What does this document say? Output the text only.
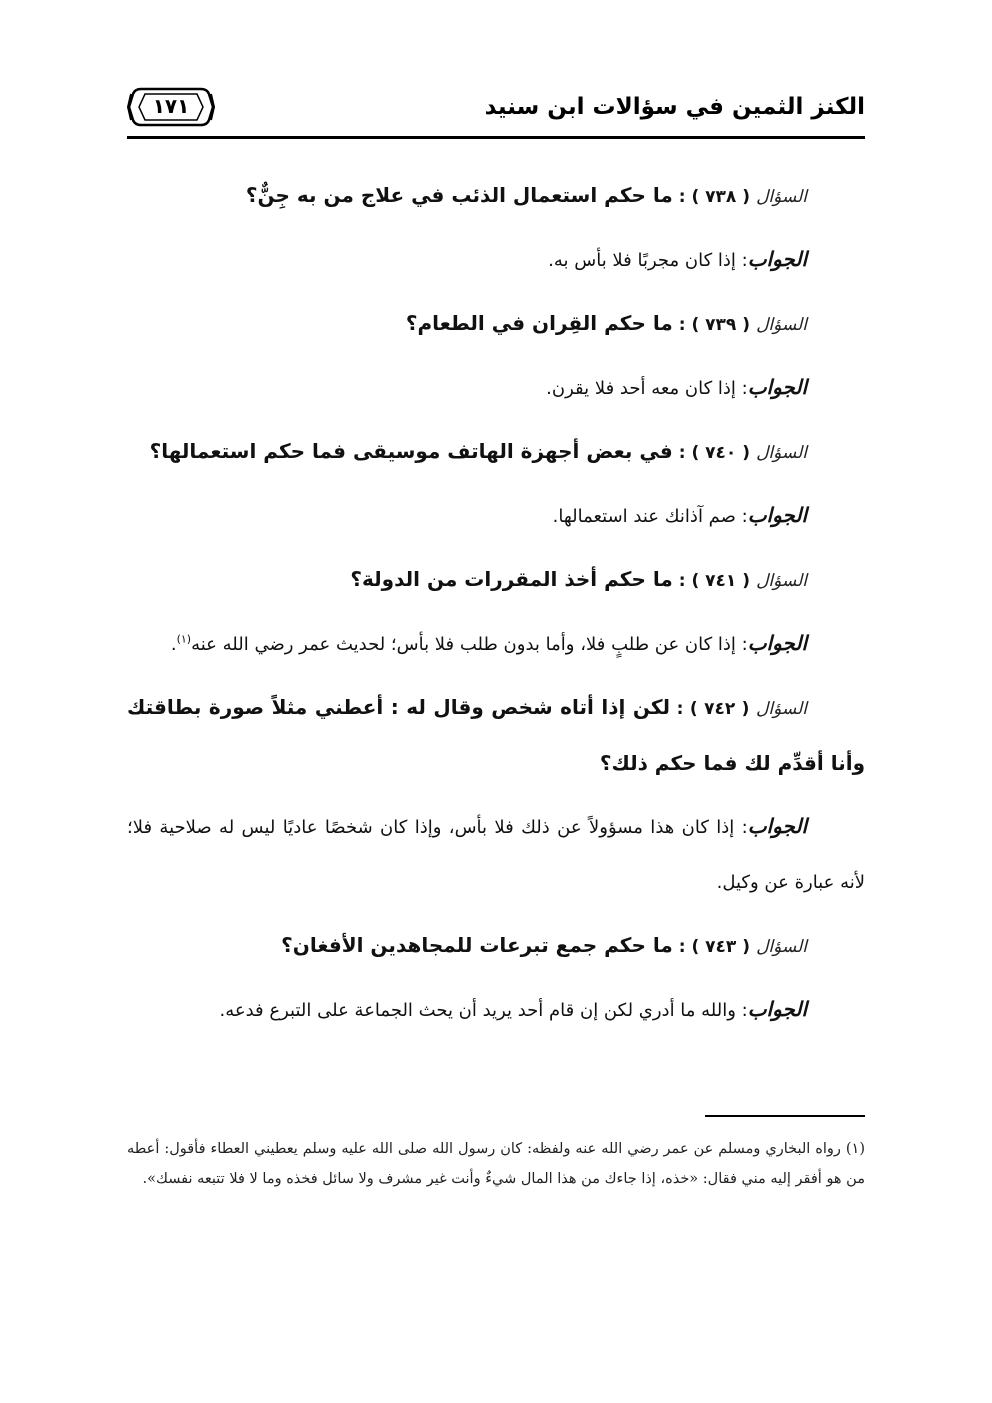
الكنز الثمين في سؤالات ابن سنيد
١٧١
السؤال ( ٧٣٨ ) : ما حكم استعمال الذئب في علاج من به جِنٌّ؟
الجواب: إذا كان مجربًا فلا بأس به.
السؤال ( ٧٣٩ ) : ما حكم القِران في الطعام؟
الجواب: إذا كان معه أحد فلا يقرن.
السؤال ( ٧٤٠ ) : في بعض أجهزة الهاتف موسيقى فما حكم استعمالها؟
الجواب: صم آذانك عند استعمالها.
السؤال ( ٧٤١ ) : ما حكم أخذ المقررات من الدولة؟
الجواب: إذا كان عن طلبٍ فلا، وأما بدون طلب فلا بأس؛ لحديث عمر رضي الله عنه$^{(١)}$.
السؤال ( ٧٤٢ ) : لكن إذا أتاه شخص وقال له : أعطني مثلاً صورة بطاقتك وأنا أقدِّم لك فما حكم ذلك؟
الجواب: إذا كان هذا مسؤولاً عن ذلك فلا بأس، وإذا كان شخصًا عاديًا ليس له صلاحية فلا؛ لأنه عبارة عن وكيل.
السؤال ( ٧٤٣ ) : ما حكم جمع تبرعات للمجاهدين الأفغان؟
الجواب: والله ما أدري لكن إن قام أحد يريد أن يحث الجماعة على التبرع فدعه.
(١) رواه البخاري ومسلم عن عمر رضي الله عنه ولفظه: كان رسول الله صلى الله عليه وسلم يعطيني العطاء فأقول: أعطه من هو أفقر إليه مني فقال: «خذه، إذا جاءك من هذا المال شيءٌ وأنت غير مشرف ولا سائل فخذه وما لا فلا تتبعه نفسك».
